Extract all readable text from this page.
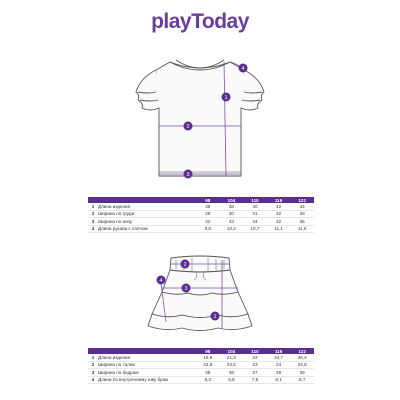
playToday
4
1
2
3
		98	104	110	116	122
1	Длина изделия	36	38	40	42	44
2	Ширина по груди	29	30	31	32	33
3	Ширина по низу	32	33	34	32	35
4	Длина рукава с плечом	9,8	10,2	10,7	11,1	11,6
2
4
3
1
		98	104	110	116	122
1	Длина изделия	19,6	21,3	23	24,7	26,4
2	Ширина по талии	22,5	23,5	23	24	24,5
3	Ширина по бедрам	35	36	37	38	39
4	Длина по внутреннему шву брюк	6,3	6,9	7,5	8,1	8,7
